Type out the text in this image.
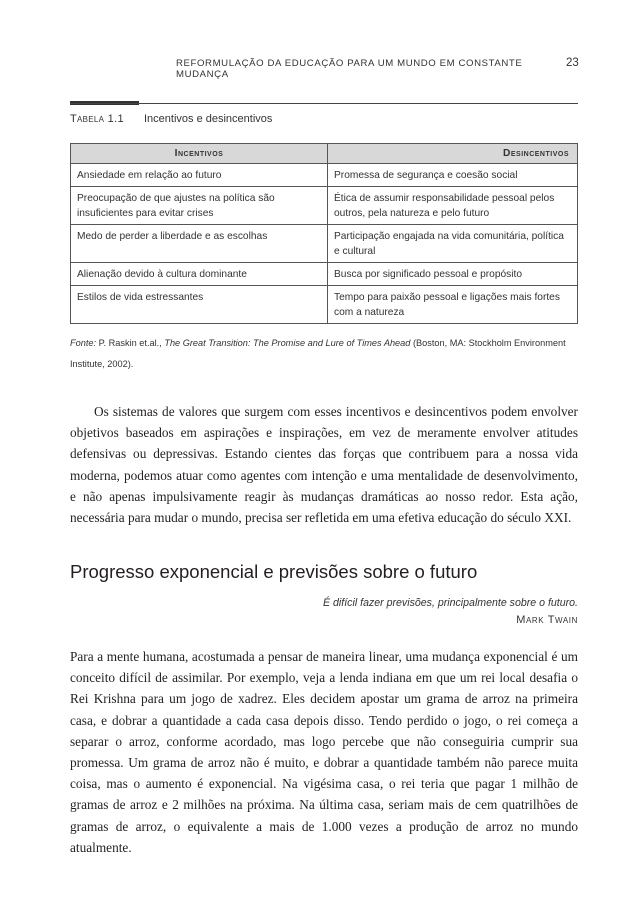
REFORMULAÇÃO DA EDUCAÇÃO PARA UM MUNDO EM CONSTANTE MUDANÇA
23
Tabela 1.1 Incentivos e desincentivos
Incentivos	Desincentivos
Ansiedade em relação ao futuro	Promessa de segurança e coesão social
Preocupação de que ajustes na política são insuficientes para evitar crises	Ética de assumir responsabilidade pessoal pelos outros, pela natureza e pelo futuro
Medo de perder a liberdade e as escolhas	Participação engajada na vida comunitária, política e cultural
Alienação devido à cultura dominante	Busca por significado pessoal e propósito
Estilos de vida estressantes	Tempo para paixão pessoal e ligações mais fortes com a natureza
Fonte: P. Raskin et.al., The Great Transition: The Promise and Lure of Times Ahead (Boston, MA: Stockholm Environment Institute, 2002).

Os sistemas de valores que surgem com esses incentivos e desincentivos podem envolver objetivos baseados em aspirações e inspirações, em vez de meramente envolver atitudes defensivas ou depressivas. Estando cientes das forças que contribuem para a nossa vida moderna, podemos atuar como agentes com intenção e uma mentalidade de desenvolvimento, e não apenas impulsivamente reagir às mudanças dramáticas ao nosso redor. Esta ação, necessária para mudar o mundo, precisa ser refletida em uma efetiva educação do século XXI.

Progresso exponencial e previsões sobre o futuro
É difícil fazer previsões, principalmente sobre o futuro.
Mark Twain

Para a mente humana, acostumada a pensar de maneira linear, uma mudança exponencial é um conceito difícil de assimilar. Por exemplo, veja a lenda indiana em que um rei local desafia o Rei Krishna para um jogo de xadrez. Eles decidem apostar um grama de arroz na primeira casa, e dobrar a quantidade a cada casa depois disso. Tendo perdido o jogo, o rei começa a separar o arroz, conforme acordado, mas logo percebe que não conseguiria cumprir sua promessa. Um grama de arroz não é muito, e dobrar a quantidade também não parece muita coisa, mas o aumento é exponencial. Na vigésima casa, o rei teria que pagar 1 milhão de gramas de arroz e 2 milhões na próxima. Na última casa, seriam mais de cem quatrilhões de gramas de arroz, o equivalente a mais de 1.000 vezes a produção de arroz no mundo atualmente.
